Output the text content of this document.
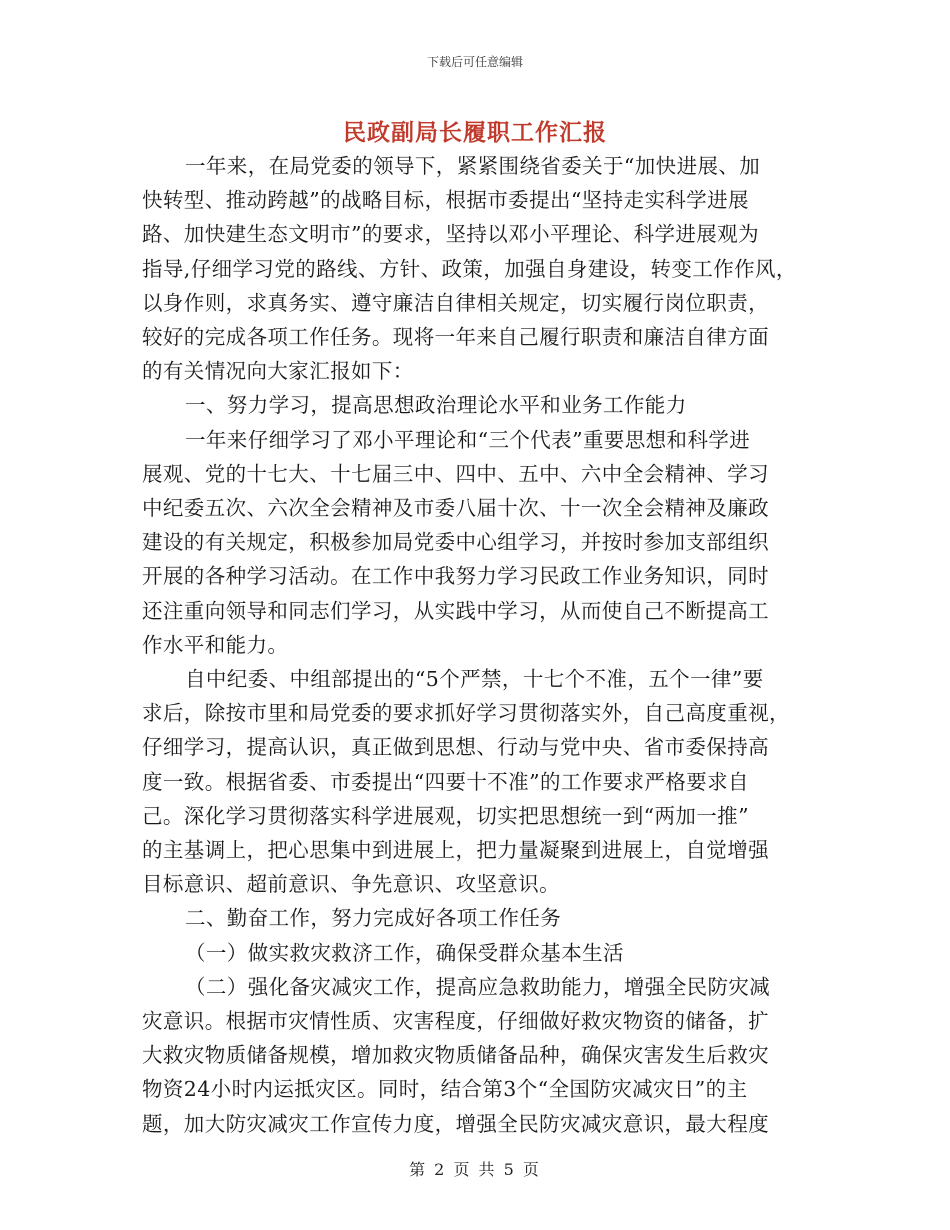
下载后可任意编辑
民政副局长履职工作汇报
一年来，在局党委的领导下，紧紧围绕省委关于“加快进展、加
快转型、推动跨越”的战略目标，根据市委提出“坚持走实科学进展
路、加快建生态文明市”的要求，坚持以邓小平理论、科学进展观为
指导,仔细学习党的路线、方针、政策，加强自身建设，转变工作作风，
以身作则，求真务实、遵守廉洁自律相关规定，切实履行岗位职责，
较好的完成各项工作任务。现将一年来自己履行职责和廉洁自律方面
的有关情况向大家汇报如下：
一、努力学习，提高思想政治理论水平和业务工作能力
一年来仔细学习了邓小平理论和“三个代表”重要思想和科学进
展观、党的十七大、十七届三中、四中、五中、六中全会精神、学习
中纪委五次、六次全会精神及市委八届十次、十一次全会精神及廉政
建设的有关规定，积极参加局党委中心组学习，并按时参加支部组织
开展的各种学习活动。在工作中我努力学习民政工作业务知识，同时
还注重向领导和同志们学习，从实践中学习，从而使自己不断提高工
作水平和能力。
自中纪委、中组部提出的“5个严禁，十七个不准，五个一律”要
求后，除按市里和局党委的要求抓好学习贯彻落实外，自己高度重视，
仔细学习，提高认识，真正做到思想、行动与党中央、省市委保持高
度一致。根据省委、市委提出“四要十不准”的工作要求严格要求自
己。深化学习贯彻落实科学进展观，切实把思想统一到“两加一推”
的主基调上，把心思集中到进展上，把力量凝聚到进展上，自觉增强
目标意识、超前意识、争先意识、攻坚意识。
二、勤奋工作，努力完成好各项工作任务
（一）做实救灾救济工作，确保受群众基本生活
（二）强化备灾减灾工作，提高应急救助能力，增强全民防灾减
灾意识。根据市灾情性质、灾害程度，仔细做好救灾物资的储备，扩
大救灾物质储备规模，增加救灾物质储备品种，确保灾害发生后救灾
物资24小时内运抵灾区。同时，结合第3个“全国防灾减灾日”的主
题，加大防灾减灾工作宣传力度，增强全民防灾减灾意识，最大程度
第 2 页 共 5 页
